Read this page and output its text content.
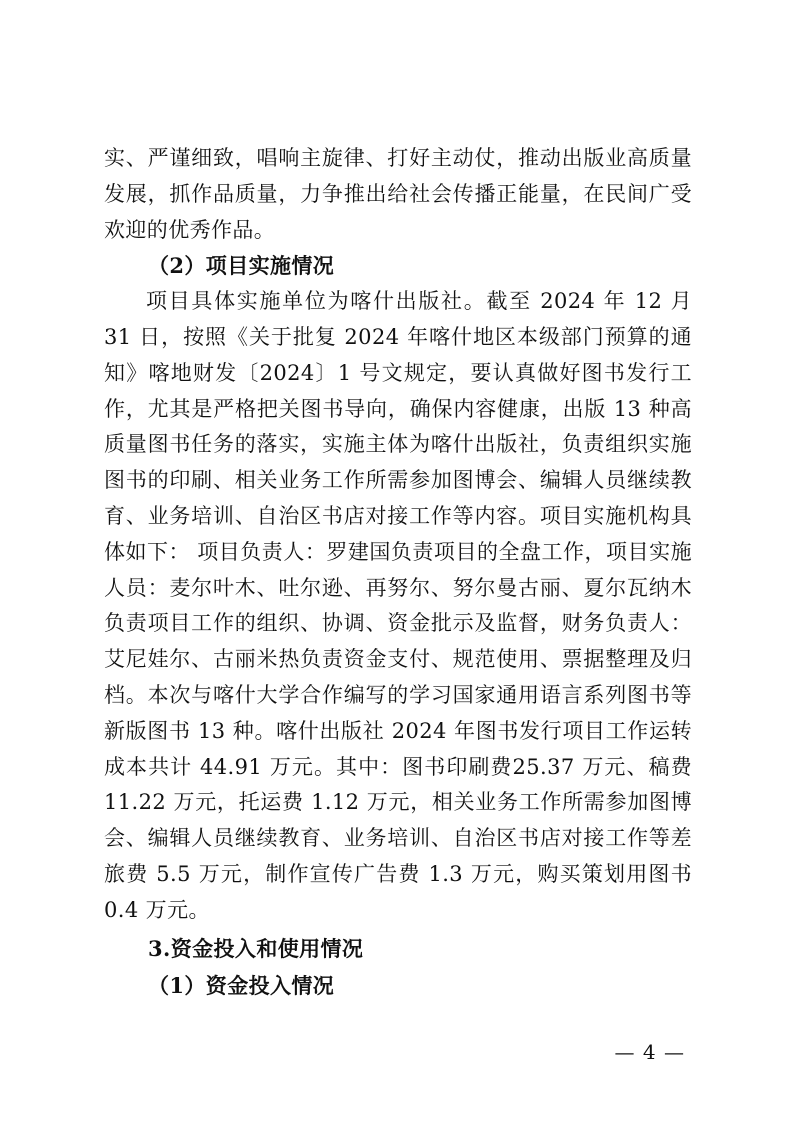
实、严谨细致，唱响主旋律、打好主动仗，推动出版业高质量发展，抓作品质量，力争推出给社会传播正能量，在民间广受欢迎的优秀作品。

（2）项目实施情况

项目具体实施单位为喀什出版社。截至 2024 年 12 月 31 日，按照《关于批复 2024 年喀什地区本级部门预算的通知》喀地财发〔2024〕1 号文规定，要认真做好图书发行工作，尤其是严格把关图书导向，确保内容健康，出版 13 种高质量图书任务的落实，实施主体为喀什出版社，负责组织实施图书的印刷、相关业务工作所需参加图博会、编辑人员继续教育、业务培训、自治区书店对接工作等内容。项目实施机构具体如下： 项目负责人：罗建国负责项目的全盘工作，项目实施人员：麦尔叶木、吐尔逊、再努尔、努尔曼古丽、夏尔瓦纳木负责项目工作的组织、协调、资金批示及监督，财务负责人：艾尼娃尔、古丽米热负责资金支付、规范使用、票据整理及归档。本次与喀什大学合作编写的学习国家通用语言系列图书等新版图书 13 种。喀什出版社 2024 年图书发行项目工作运转成本共计 44.91 万元。其中：图书印刷费25.37 万元、稿费 11.22 万元，托运费 1.12 万元，相关业务工作所需参加图博会、编辑人员继续教育、业务培训、自治区书店对接工作等差旅费 5.5 万元，制作宣传广告费 1.3 万元，购买策划用图书 0.4 万元。

3.资金投入和使用情况

（1）资金投入情况

— 4 —
